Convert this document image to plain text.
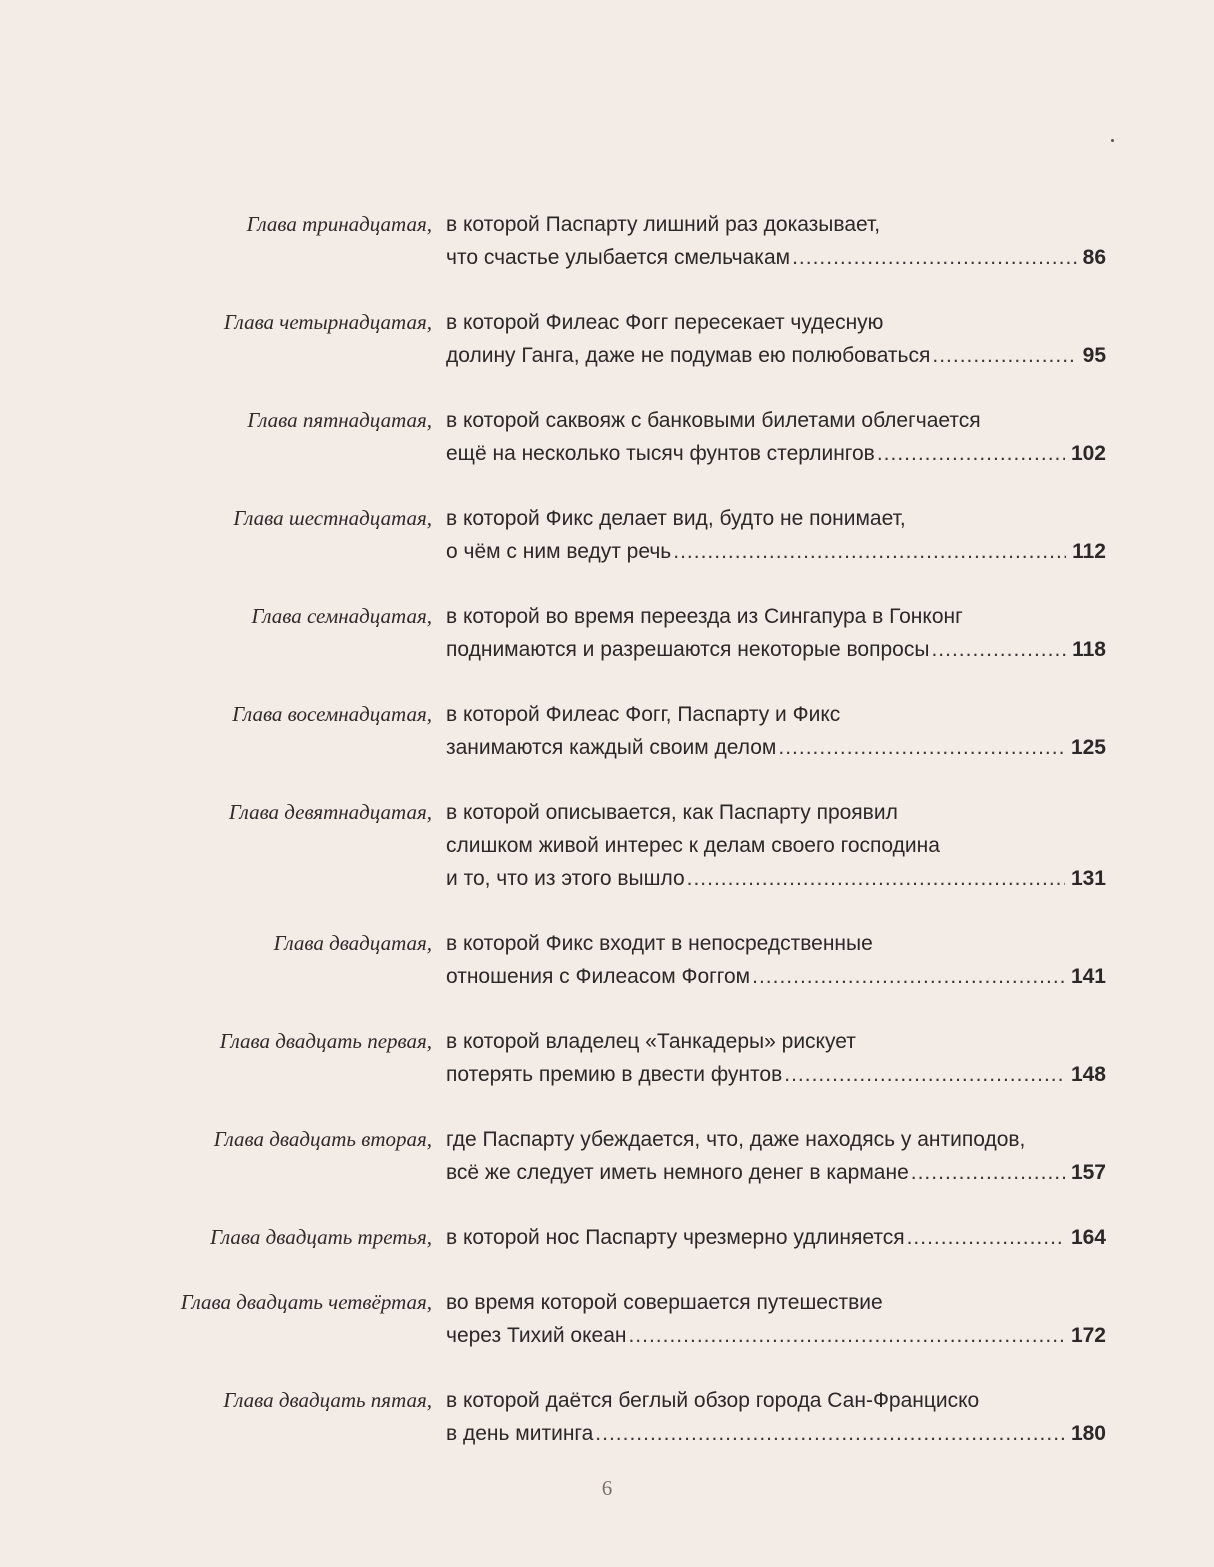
Глава тринадцатая, в которой Паспарту лишний раз доказывает,
что счастье улыбается смельчакам .....	86
Глава четырнадцатая, в которой Филеас Фогг пересекает чудесную
долину Ганга, даже не подумав ею полюбоваться .....	95
Глава пятнадцатая, в которой саквояж с банковыми билетами облегчается
ещё на несколько тысяч фунтов стерлингов .....	102
Глава шестнадцатая, в которой Фикс делает вид, будто не понимает,
о чём с ним ведут речь .....	112
Глава семнадцатая, в которой во время переезда из Сингапура в Гонконг
поднимаются и разрешаются некоторые вопросы .....	118
Глава восемнадцатая, в которой Филеас Фогг, Паспарту и Фикс
занимаются каждый своим делом .....	125
Глава девятнадцатая, в которой описывается, как Паспарту проявил
слишком живой интерес к делам своего господина
и то, что из этого вышло .....	131
Глава двадцатая, в которой Фикс входит в непосредственные
отношения с Филеасом Фоггом .....	141
Глава двадцать первая, в которой владелец «Танкадеры» рискует
потерять премию в двести фунтов .....	148
Глава двадцать вторая, где Паспарту убеждается, что, даже находясь у антиподов,
всё же следует иметь немного денег в кармане .....	157
Глава двадцать третья, в которой нос Паспарту чрезмерно удлиняется .....	164
Глава двадцать четвёртая, во время которой совершается путешествие
через Тихий океан .....	172
Глава двадцать пятая, в которой даётся беглый обзор города Сан-Франциско
в день митинга .....	180
6
